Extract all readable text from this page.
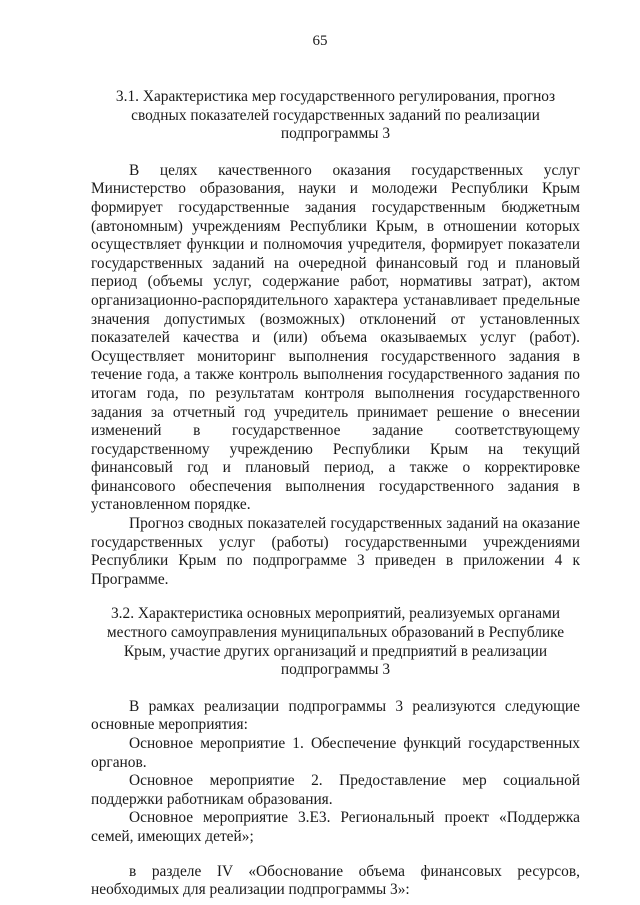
65
3.1. Характеристика мер государственного регулирования, прогноз сводных показателей государственных заданий по реализации подпрограммы 3

В целях качественного оказания государственных услуг Министерство образования, науки и молодежи Республики Крым формирует государственные задания государственным бюджетным (автономным) учреждениям Республики Крым, в отношении которых осуществляет функции и полномочия учредителя, формирует показатели государственных заданий на очередной финансовый год и плановый период (объемы услуг, содержание работ, нормативы затрат), актом организационно-распорядительного характера устанавливает предельные значения допустимых (возможных) отклонений от установленных показателей качества и (или) объема оказываемых услуг (работ). Осуществляет мониторинг выполнения государственного задания в течение года, а также контроль выполнения государственного задания по итогам года, по результатам контроля выполнения государственного задания за отчетный год учредитель принимает решение о внесении изменений в государственное задание соответствующему государственному учреждению Республики Крым на текущий финансовый год и плановый период, а также о корректировке финансового обеспечения выполнения государственного задания в установленном порядке.

Прогноз сводных показателей государственных заданий на оказание государственных услуг (работы) государственными учреждениями Республики Крым по подпрограмме 3 приведен в приложении 4 к Программе.

3.2. Характеристика основных мероприятий, реализуемых органами местного самоуправления муниципальных образований в Республике Крым, участие других организаций и предприятий в реализации подпрограммы 3

В рамках реализации подпрограммы 3 реализуются следующие основные мероприятия:

Основное мероприятие 1. Обеспечение функций государственных органов.

Основное мероприятие 2. Предоставление мер социальной поддержки работникам образования.

Основное мероприятие 3.Е3. Региональный проект «Поддержка семей, имеющих детей»;

в разделе IV «Обоснование объема финансовых ресурсов, необходимых для реализации подпрограммы 3»:
